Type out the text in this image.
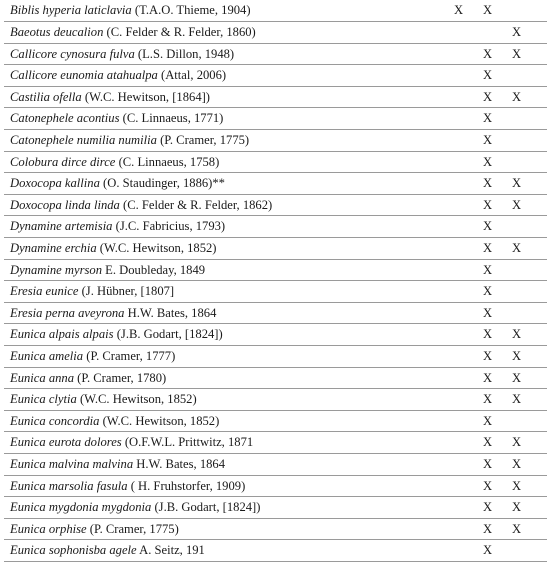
Biblis hyperia laticlavia (T.A.O. Thieme, 1904)	X	X		
Baeotus deucalion (C. Felder & R. Felder, 1860)			X	
Callicore cynosura fulva (L.S. Dillon, 1948)		X	X	
Callicore eunomia atahualpa (Attal, 2006)		X		
Castilia ofella (W.C. Hewitson, [1864])		X	X	
Catonephele acontius (C. Linnaeus, 1771)		X		
Catonephele numilia numilia (P. Cramer, 1775)		X		
Colobura dirce dirce (C. Linnaeus, 1758)		X		
Doxocopa kallina (O. Staudinger, 1886)**		X	X	
Doxocopa linda linda (C. Felder & R. Felder, 1862)		X	X	
Dynamine artemisia (J.C. Fabricius, 1793)		X		
Dynamine erchia (W.C. Hewitson, 1852)		X	X	
Dynamine myrson E. Doubleday, 1849		X		
Eresia eunice (J. Hübner, [1807]		X		
Eresia perna aveyrona H.W. Bates, 1864		X		
Eunica alpais alpais (J.B. Godart, [1824])		X	X	
Eunica amelia (P. Cramer, 1777)		X	X	
Eunica anna (P. Cramer, 1780)		X	X	
Eunica clytia (W.C. Hewitson, 1852)		X	X	
Eunica concordia (W.C. Hewitson, 1852)		X		
Eunica eurota dolores (O.F.W.L. Prittwitz, 1871		X	X	
Eunica malvina malvina H.W. Bates, 1864		X	X	
Eunica marsolia fasula ( H. Fruhstorfer, 1909)		X	X	
Eunica mygdonia mygdonia (J.B. Godart, [1824])		X	X	
Eunica orphise (P. Cramer, 1775)		X	X	
Eunica sophonisba agele A. Seitz, 191		X		
